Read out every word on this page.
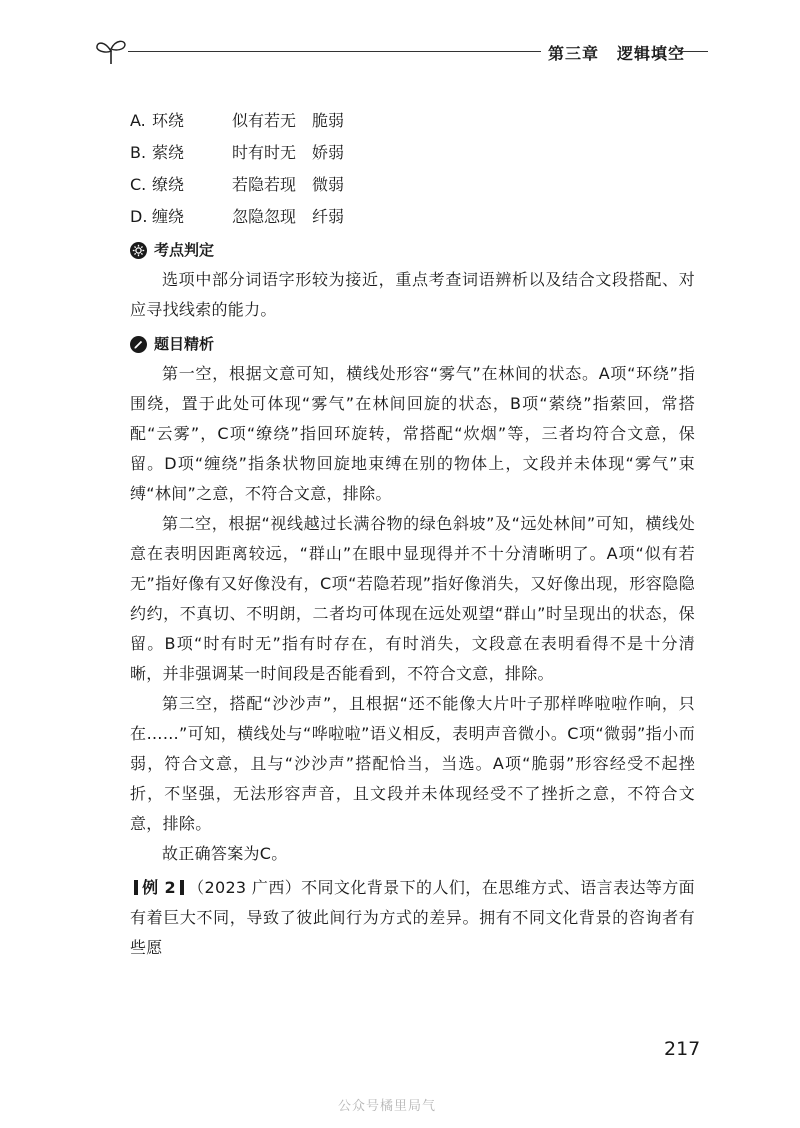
第三章 逻辑填空
A. 环绕	似有若无 脆弱
B. 萦绕	时有时无 娇弱
C. 缭绕	若隐若现 微弱
D. 缠绕	忽隐忽现 纤弱
考点判定

选项中部分词语字形较为接近，重点考查词语辨析以及结合文段搭配、对应寻找线索的能力。

题目精析

第一空，根据文意可知，横线处形容“雾气”在林间的状态。A项“环绕”指围绕，置于此处可体现“雾气”在林间回旋的状态，B项“萦绕”指萦回，常搭配“云雾”，C项“缭绕”指回环旋转，常搭配“炊烟”等，三者均符合文意，保留。D项“缠绕”指条状物回旋地束缚在别的物体上，文段并未体现“雾气”束缚“林间”之意，不符合文意，排除。

第二空，根据“视线越过长满谷物的绿色斜坡”及“远处林间”可知，横线处意在表明因距离较远，“群山”在眼中显现得并不十分清晰明了。A项“似有若无”指好像有又好像没有，C项“若隐若现”指好像消失，又好像出现，形容隐隐约约，不真切、不明朗，二者均可体现在远处观望“群山”时呈现出的状态，保留。B项“时有时无”指有时存在，有时消失，文段意在表明看得不是十分清晰，并非强调某一时间段是否能看到，不符合文意，排除。

第三空，搭配“沙沙声”，且根据“还不能像大片叶子那样哗啦啦作响，只在……”可知，横线处与“哗啦啦”语义相反，表明声音微小。C项“微弱”指小而弱，符合文意，且与“沙沙声”搭配恰当，当选。A项“脆弱”形容经受不起挫折，不坚强，无法形容声音，且文段并未体现经受不了挫折之意，不符合文意，排除。

故正确答案为C。

例 2 （2023 广西）不同文化背景下的人们，在思维方式、语言表达等方面有着巨大不同，导致了彼此间行为方式的差异。拥有不同文化背景的咨询者有些愿

217
公众号橘里局气
